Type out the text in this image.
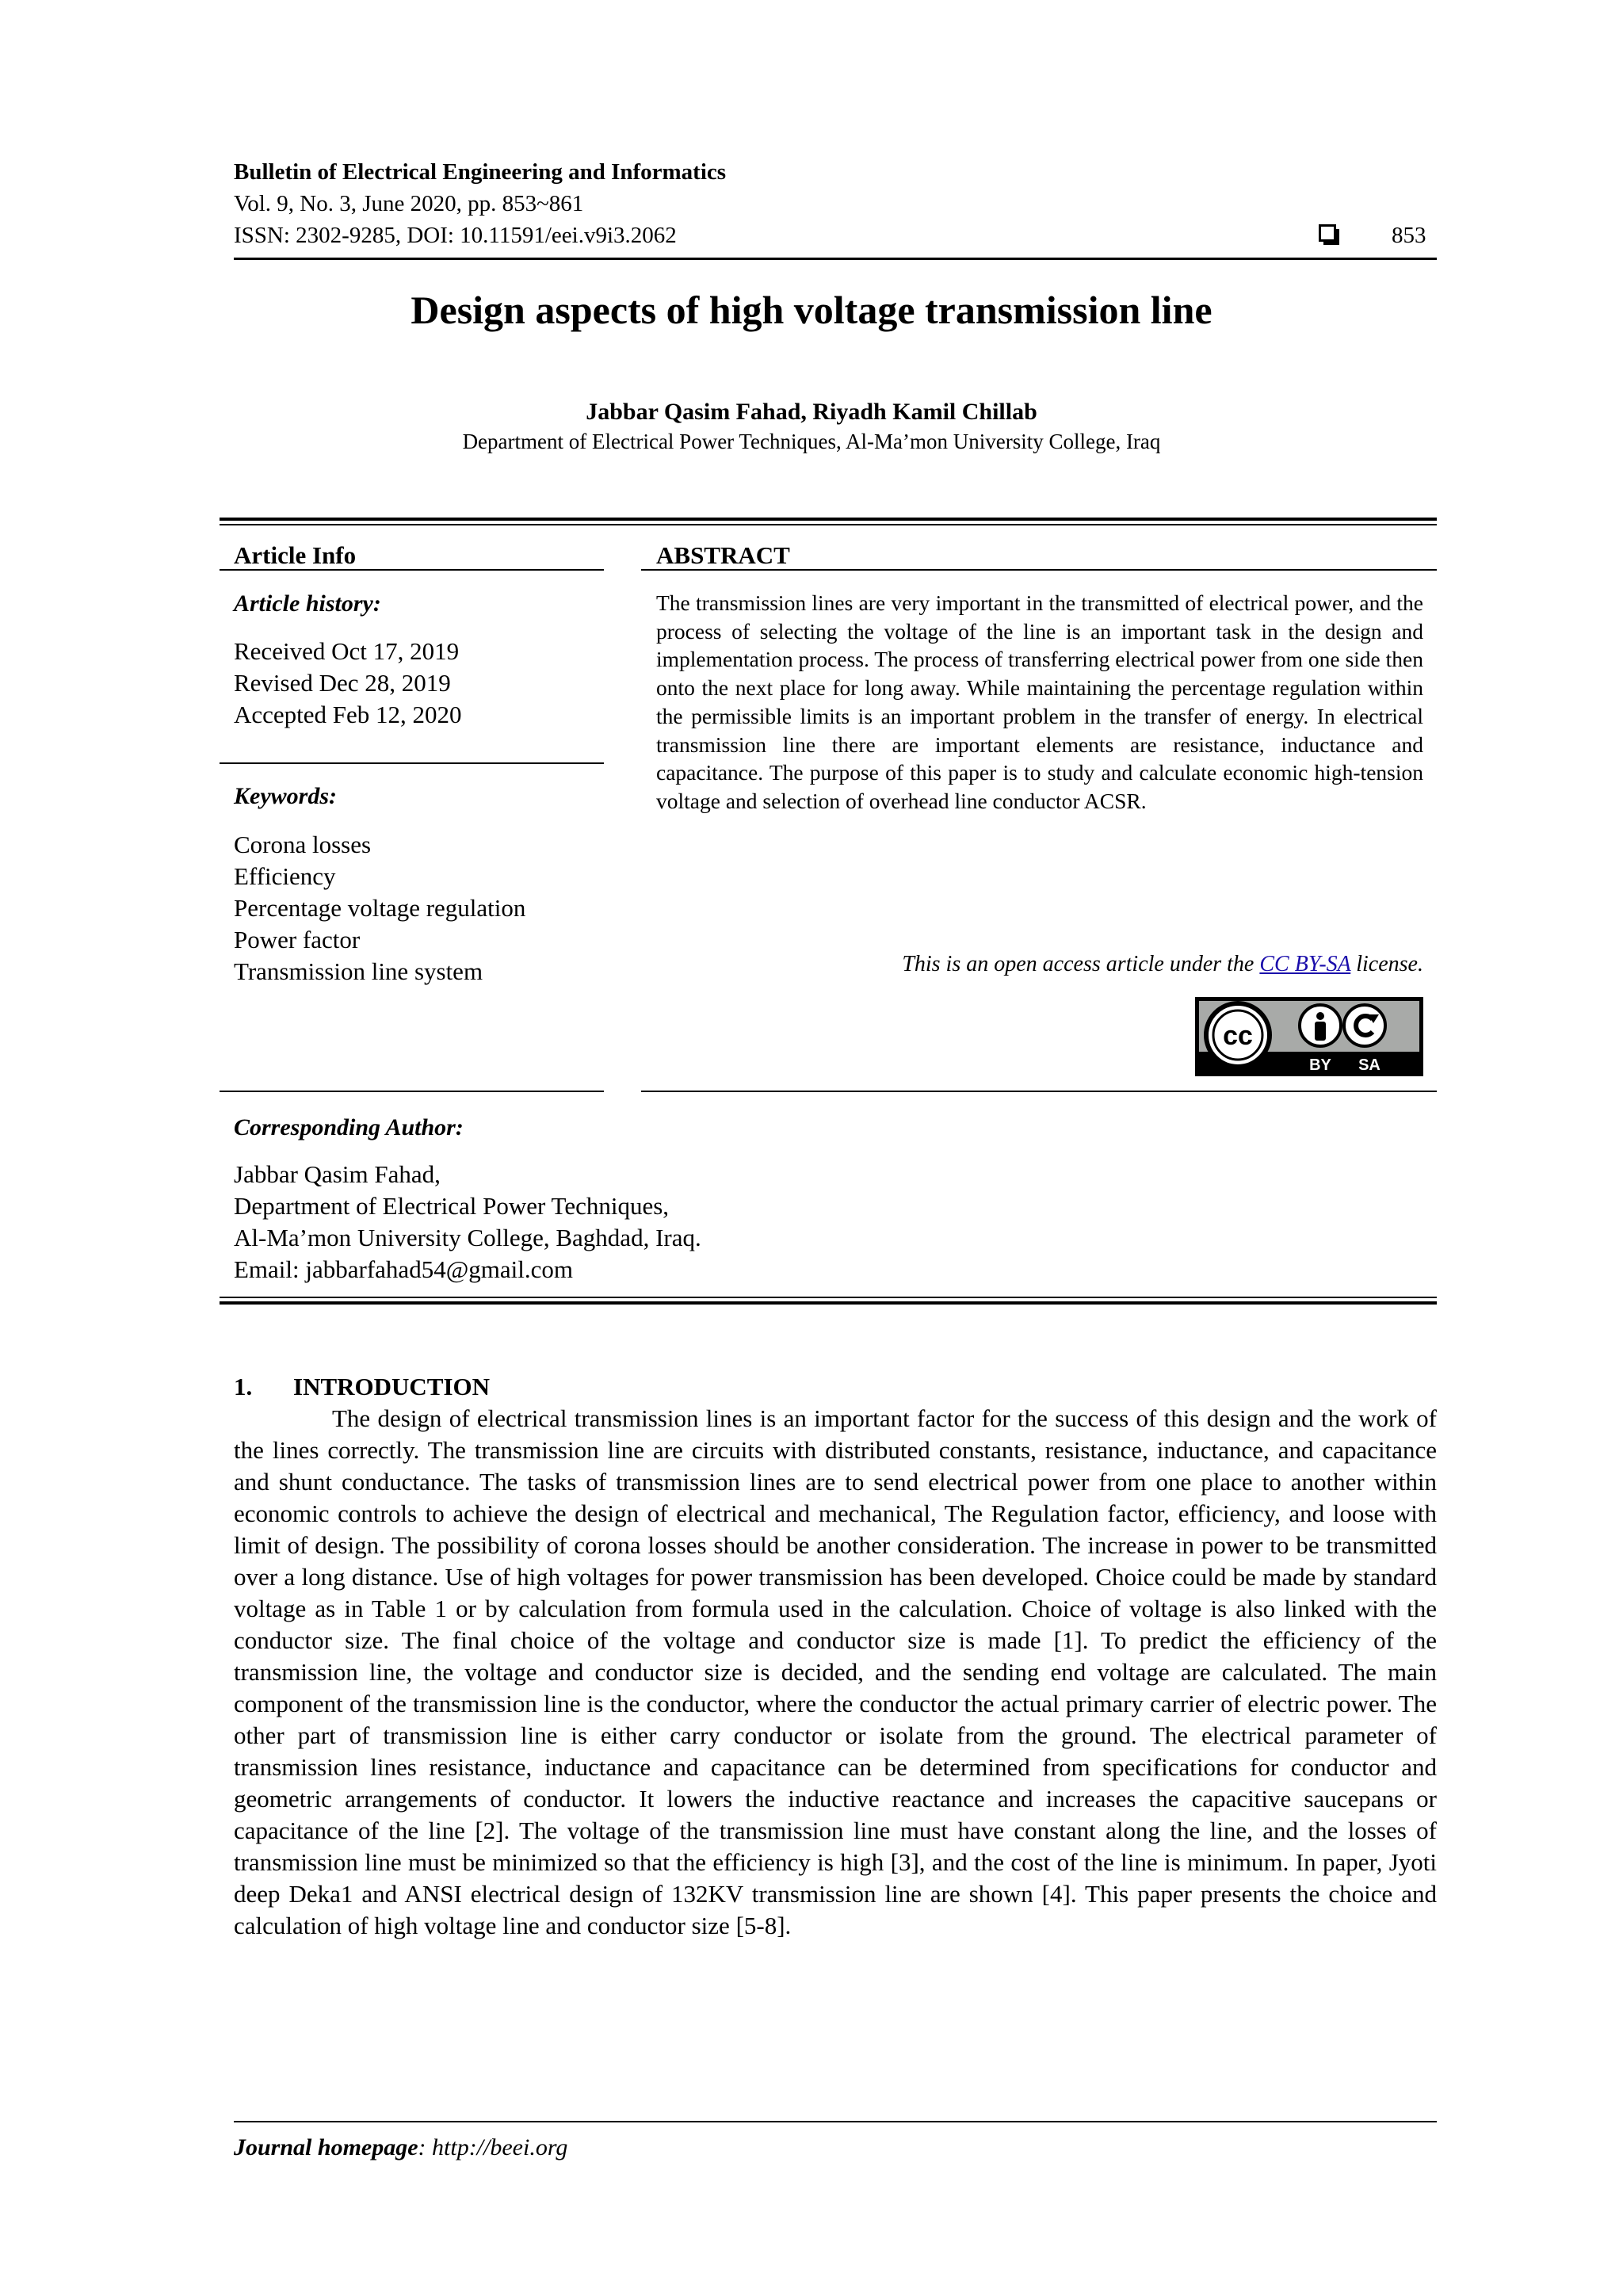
Bulletin of Electrical Engineering and Informatics
Vol. 9, No. 3, June 2020, pp. 853~861
ISSN: 2302-9285, DOI: 10.11591/eei.v9i3.2062	853
Design aspects of high voltage transmission line
Jabbar Qasim Fahad, Riyadh Kamil Chillab
Department of Electrical Power Techniques, Al-Ma’mon University College, Iraq
Article Info
Article history:
Received Oct 17, 2019
Revised Dec 28, 2019
Accepted Feb 12, 2020
Keywords:
Corona losses
Efficiency
Percentage voltage regulation
Power factor
Transmission line system
ABSTRACT
The transmission lines are very important in the transmitted of electrical power, and the process of selecting the voltage of the line is an important task in the design and implementation process. The process of transferring electrical power from one side then onto the next place for long away. While maintaining the percentage regulation within the permissible limits is an important problem in the transfer of energy. In electrical transmission line there are important elements are resistance, inductance and capacitance. The purpose of this paper is to study and calculate economic high-tension voltage and selection of overhead line conductor ACSR.
This is an open access article under the CC BY-SA license.
cc
BY SA
Corresponding Author:
Jabbar Qasim Fahad,
Department of Electrical Power Techniques,
Al-Ma’mon University College, Baghdad, Iraq.
Email: jabbarfahad54@gmail.com
1. INTRODUCTION

The design of electrical transmission lines is an important factor for the success of this design and the work of the lines correctly. The transmission line are circuits with distributed constants, resistance, inductance, and capacitance and shunt conductance. The tasks of transmission lines are to send electrical power from one place to another within economic controls to achieve the design of electrical and mechanical, The Regulation factor, efficiency, and loose with limit of design. The possibility of corona losses should be another consideration. The increase in power to be transmitted over a long distance. Use of high voltages for power transmission has been developed. Choice could be made by standard voltage as in Table 1 or by calculation from formula used in the calculation. Choice of voltage is also linked with the conductor size. The final choice of the voltage and conductor size is made [1]. To predict the efficiency of the transmission line, the voltage and conductor size is decided, and the sending end voltage are calculated. The main component of the transmission line is the conductor, where the conductor the actual primary carrier of electric power. The other part of transmission line is either carry conductor or isolate from the ground. The electrical parameter of transmission lines resistance, inductance and capacitance can be determined from specifications for conductor and geometric arrangements of conductor. It lowers the inductive reactance and increases the capacitive saucepans or capacitance of the line [2]. The voltage of the transmission line must have constant along the line, and the losses of transmission line must be minimized so that the efficiency is high [3], and the cost of the line is minimum. In paper, Jyoti deep Deka1 and ANSI electrical design of 132KV transmission line are shown [4]. This paper presents the choice and calculation of high voltage line and conductor size [5-8].

Journal homepage: http://beei.org
